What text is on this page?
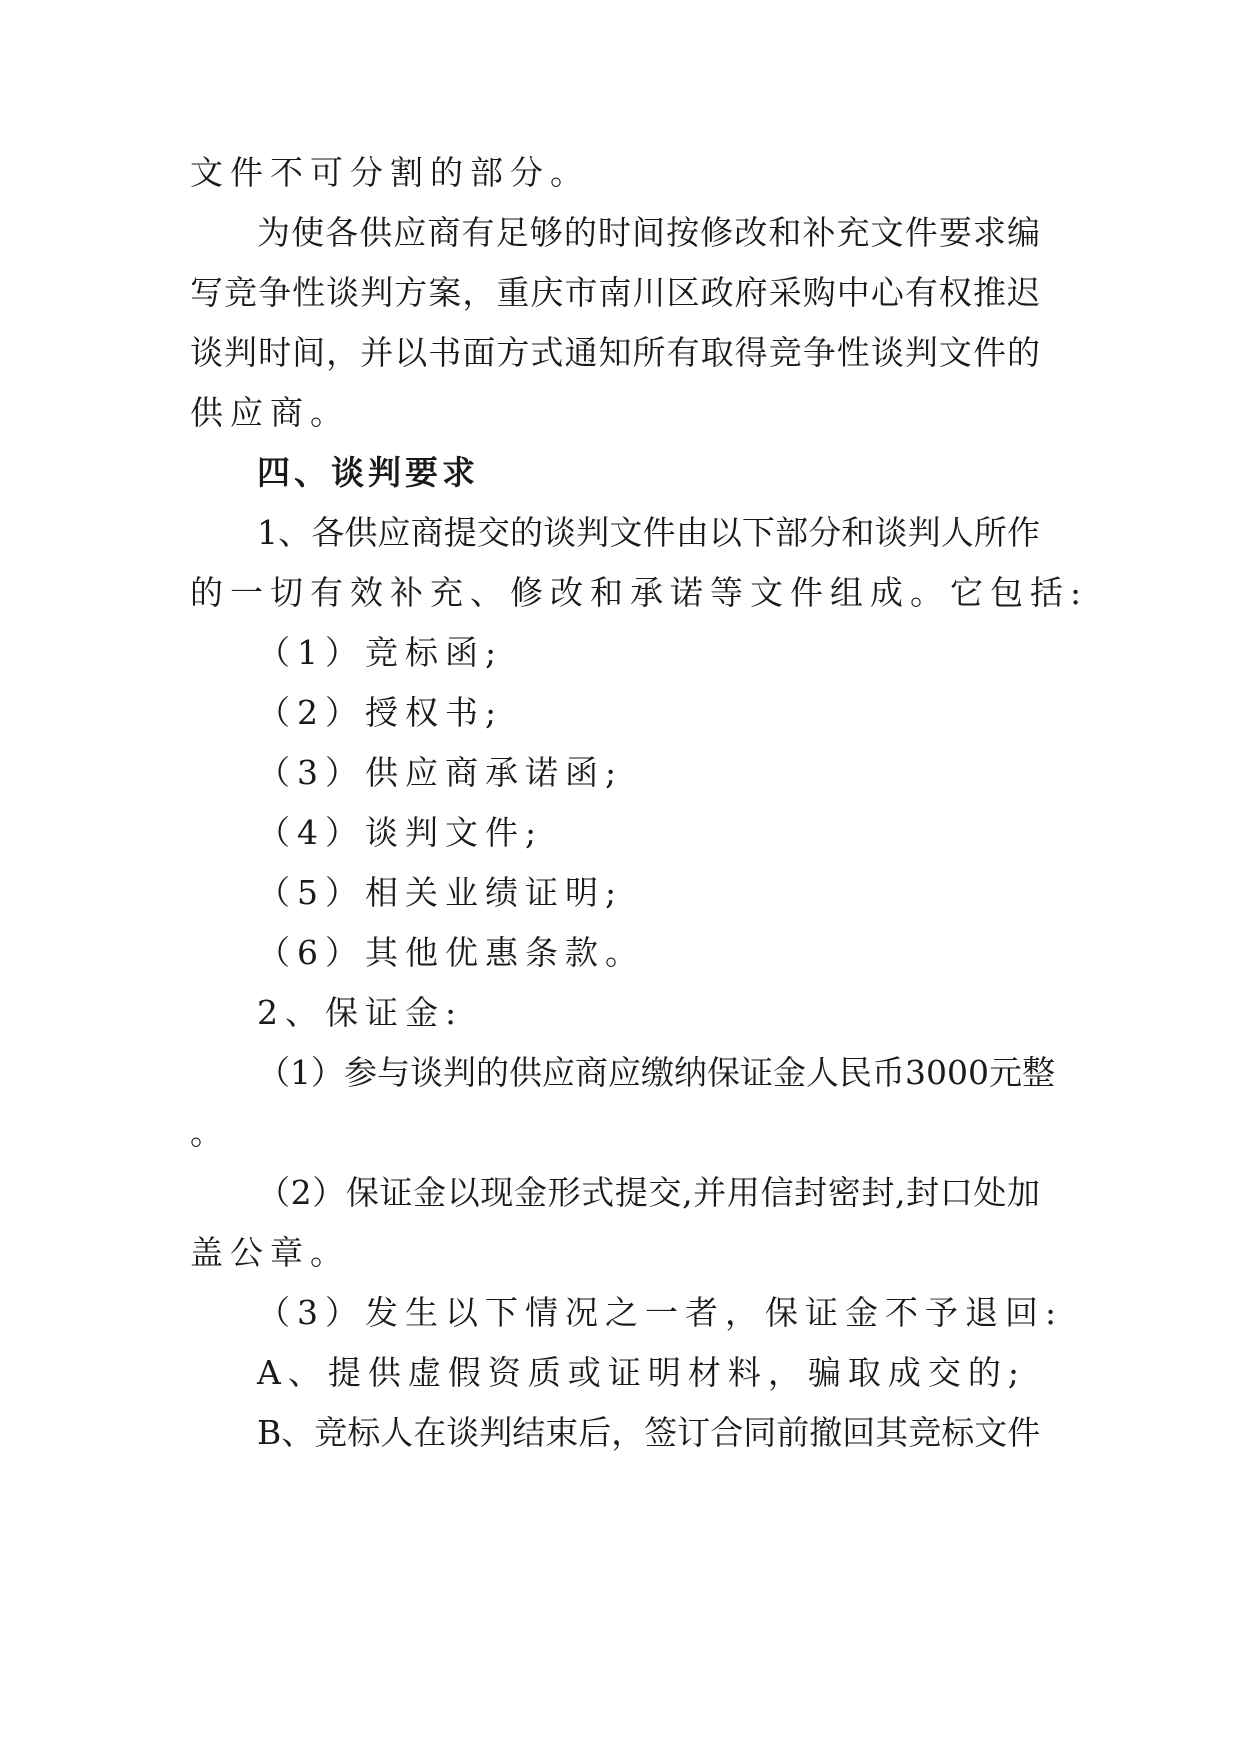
文件不可分割的部分。

为使各供应商有足够的时间按修改和补充文件要求编

写竞争性谈判方案，重庆市南川区政府采购中心有权推迟

谈判时间，并以书面方式通知所有取得竞争性谈判文件的

供应商。

四、谈判要求

1、各供应商提交的谈判文件由以下部分和谈判人所作

的一切有效补充、修改和承诺等文件组成。它包括:

（1）竞标函;

（2）授权书;

（3）供应商承诺函;

（4）谈判文件;

（5）相关业绩证明;

（6）其他优惠条款。

2、保证金:

（1）参与谈判的供应商应缴纳保证金人民币3000元整

。

（2）保证金以现金形式提交,并用信封密封,封口处加

盖公章。

（3）发生以下情况之一者，保证金不予退回:

A、提供虚假资质或证明材料，骗取成交的;

B、竞标人在谈判结束后，签订合同前撤回其竞标文件
